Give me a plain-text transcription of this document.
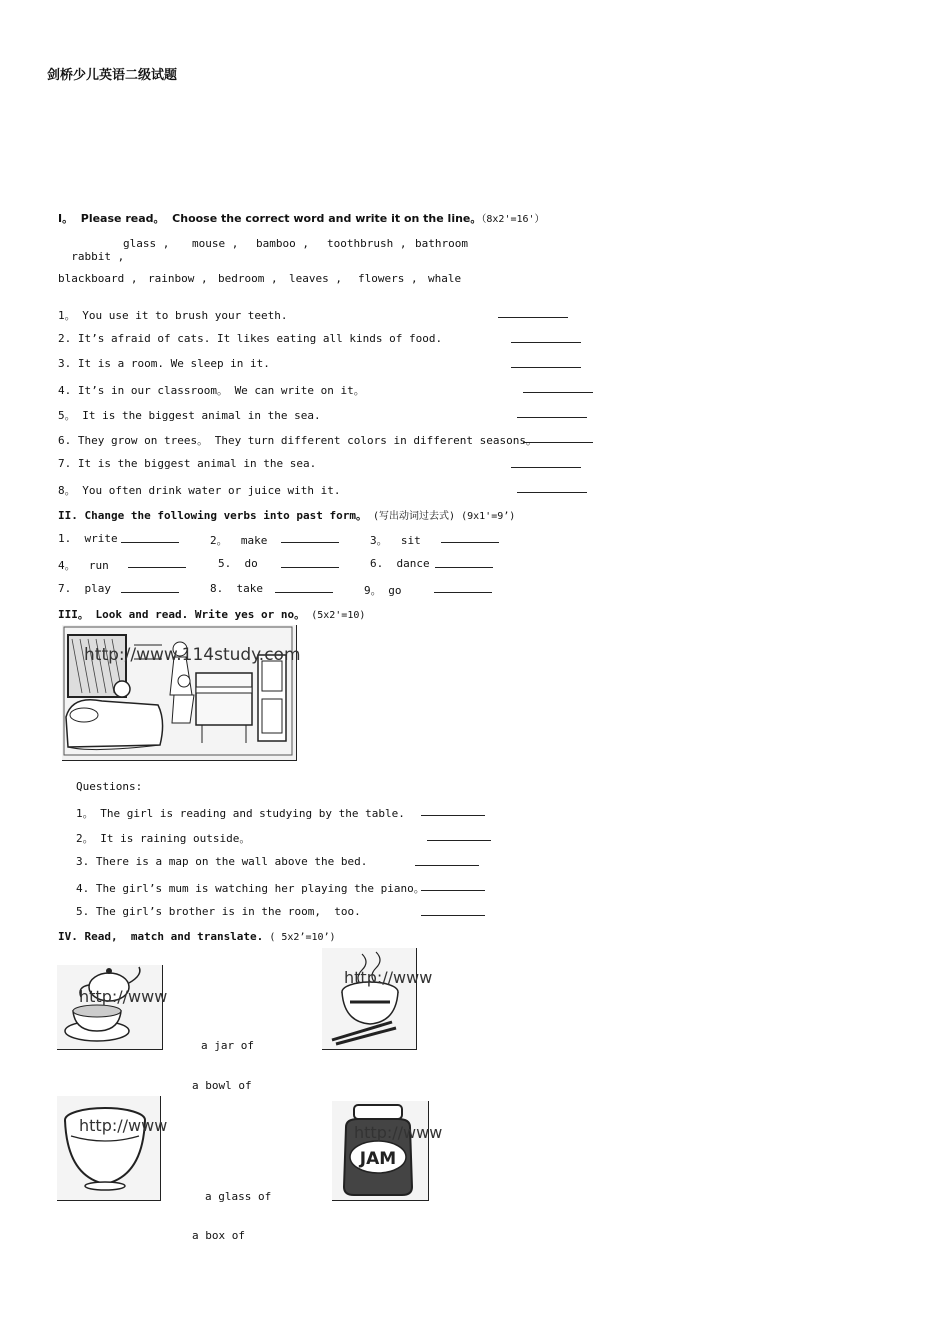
剑桥少儿英语二级试题
I。 Please read。  Choose the correct word and write it on the line。（8x2'=16'）

rabbit ,

glass , mouse , bamboo , toothbrush , bathroom
blackboard , rainbow , bedroom , leaves , flowers , whale
1。 You use it to brush your teeth.
2. It’s afraid of cats. It likes eating all kinds of food.
3. It is a room. We sleep in it.
4. It’s in our classroom。 We can write on it。
5。 It is the biggest animal in the sea.
6. They grow on trees。 They turn different colors in different seasons。
7. It is the biggest animal in the sea.
8。 You often drink water or juice with it.
II. Change the following verbs into past form。 (写出动词过去式) (9x1'=9’)
1.  write	2。  make	3。  sit
4。  run	5.  do	6.  dance
7.  play	8.  take	9。 go
III。 Look and read. Write yes or no。 (5x2'=10)
http://www.114study.com
Questions:
1。 The girl is reading and studying by the table.
2。 It is raining outside。
3. There is a map on the wall above the bed.
4. The girl’s mum is watching her playing the piano。
5. The girl’s brother is in the room,  too.
IV. Read,  match and translate. ( 5x2’=10’)
http://www
http://www
http://www
JAM
http://www
a jar of
a bowl of
a glass of
a box of
